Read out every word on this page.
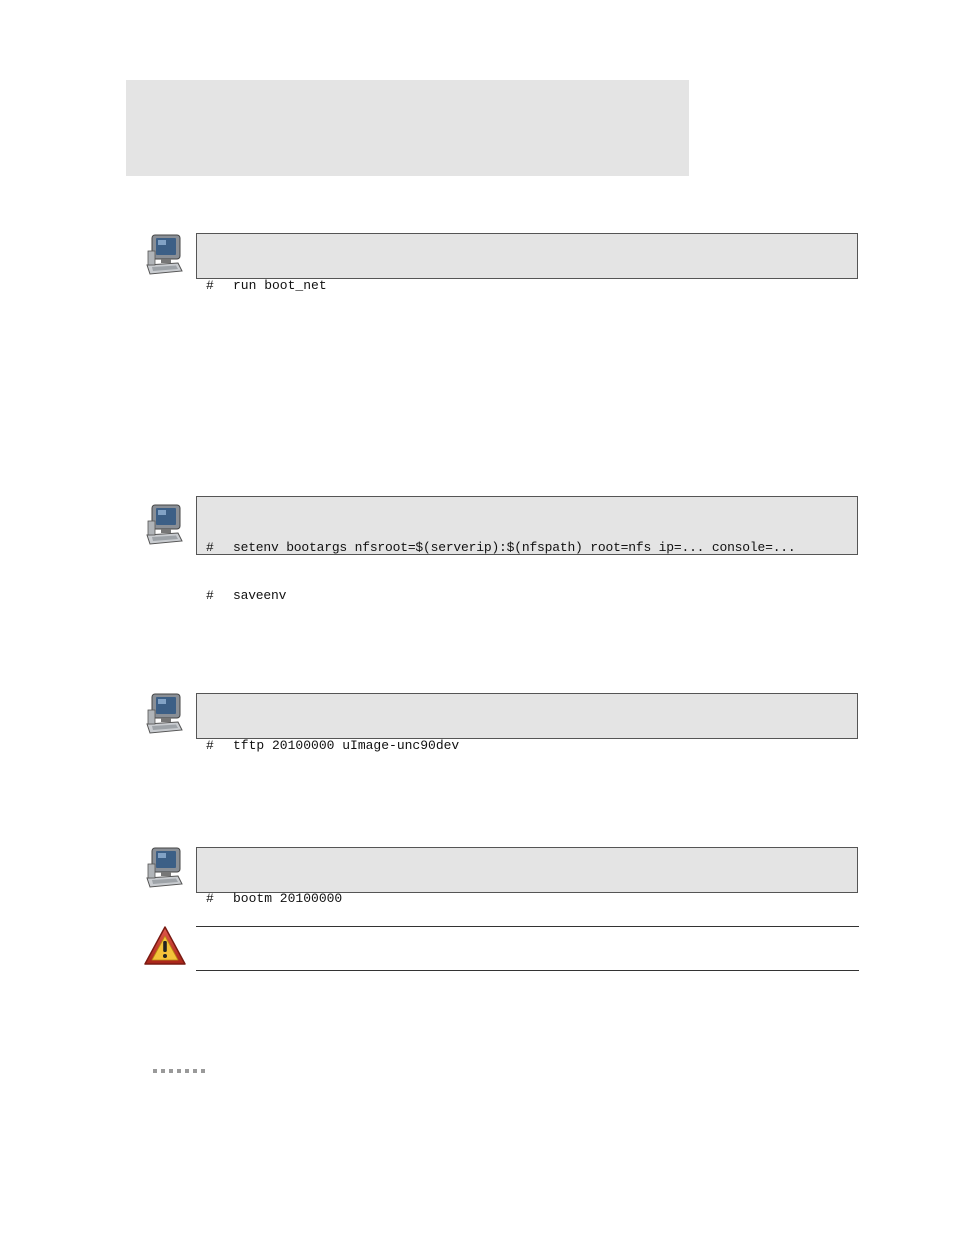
# run boot_net

# setenv bootargs nfsroot=$(serverip):$(nfspath) root=nfs ip=... console=...

# saveenv

# tftp 20100000 uImage-unc90dev

# bootm 20100000
